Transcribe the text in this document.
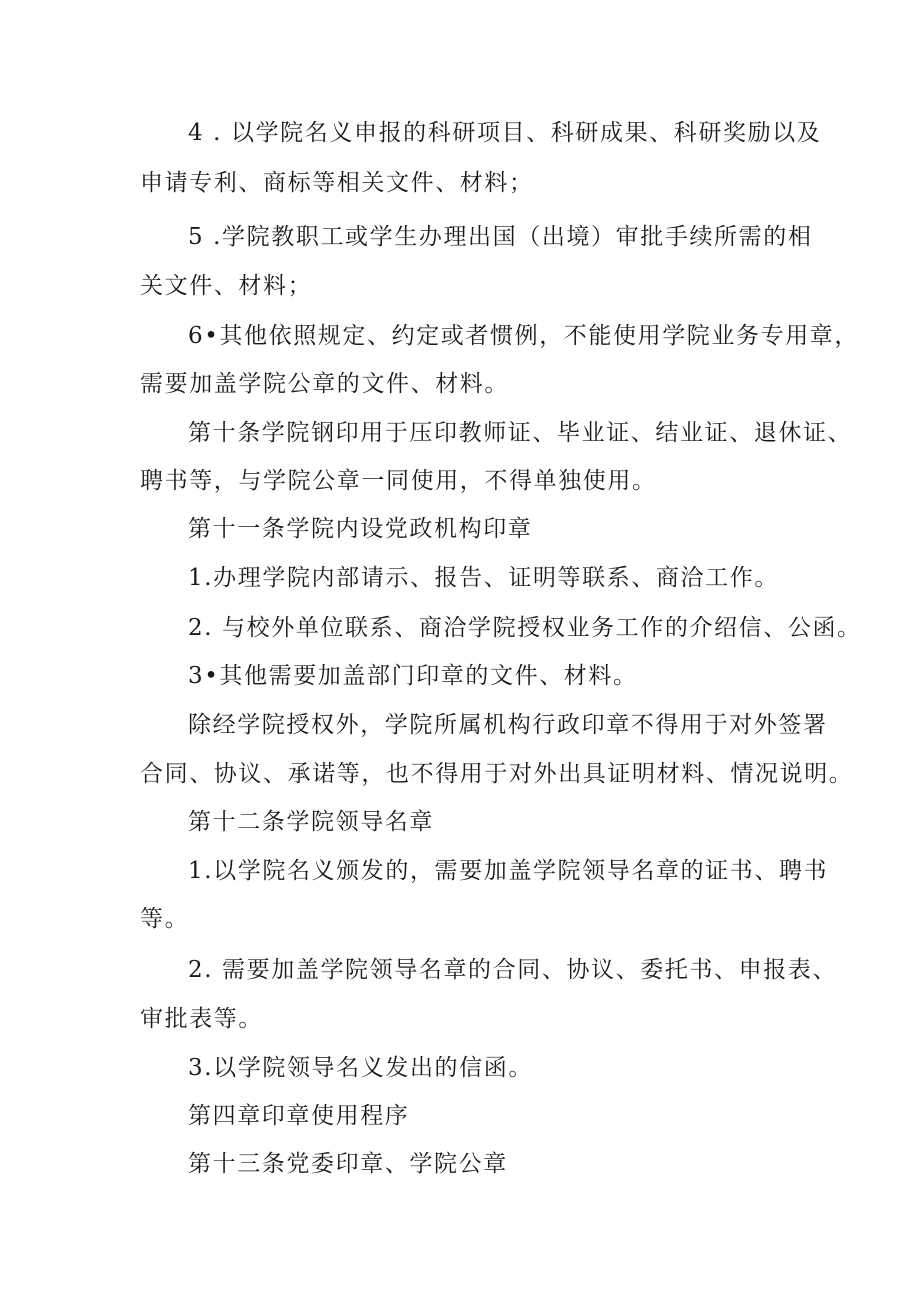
4 . 以学院名义申报的科研项目、科研成果、科研奖励以及
申请专利、商标等相关文件、材料；
5 .学院教职工或学生办理出国（出境）审批手续所需的相
关文件、材料；
6•其他依照规定、约定或者惯例，不能使用学院业务专用章，
需要加盖学院公章的文件、材料。
第十条学院钢印用于压印教师证、毕业证、结业证、退休证、
聘书等，与学院公章一同使用，不得单独使用。
第十一条学院内设党政机构印章
1.办理学院内部请示、报告、证明等联系、商洽工作。
2. 与校外单位联系、商洽学院授权业务工作的介绍信、公函。
3•其他需要加盖部门印章的文件、材料。
除经学院授权外，学院所属机构行政印章不得用于对外签署
合同、协议、承诺等，也不得用于对外出具证明材料、情况说明。
第十二条学院领导名章
1.以学院名义颁发的，需要加盖学院领导名章的证书、聘书
等。
2. 需要加盖学院领导名章的合同、协议、委托书、申报表、
审批表等。
3.以学院领导名义发出的信函。
第四章印章使用程序
第十三条党委印章、学院公章
